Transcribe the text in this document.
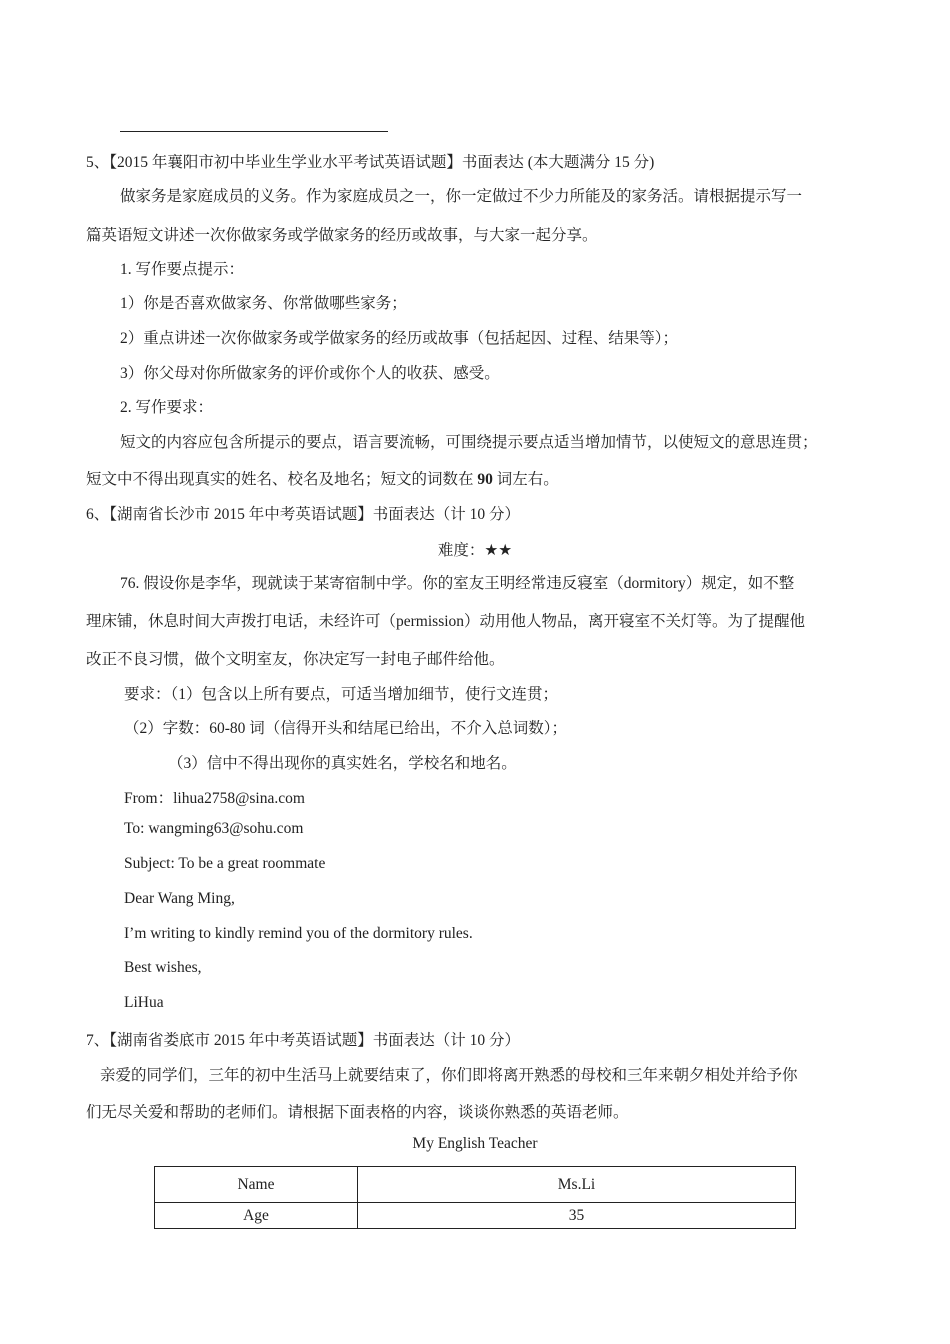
5、【2015 年襄阳市初中毕业生学业水平考试英语试题】书面表达 (本大题满分 15 分)
做家务是家庭成员的义务。作为家庭成员之一，你一定做过不少力所能及的家务活。请根据提示写一
篇英语短文讲述一次你做家务或学做家务的经历或故事，与大家一起分享。
1. 写作要点提示：
1）你是否喜欢做家务、你常做哪些家务；
2）重点讲述一次你做家务或学做家务的经历或故事（包括起因、过程、结果等）；
3）你父母对你所做家务的评价或你个人的收获、感受。
2. 写作要求：
短文的内容应包含所提示的要点，语言要流畅，可围绕提示要点适当增加情节，以使短文的意思连贯；
短文中不得出现真实的姓名、校名及地名；短文的词数在 90 词左右。
6、【湖南省长沙市 2015 年中考英语试题】书面表达（计 10 分）
难度：★★
76. 假设你是李华，现就读于某寄宿制中学。你的室友王明经常违反寝室（dormitory）规定，如不整
理床铺，休息时间大声拨打电话，未经许可（permission）动用他人物品，离开寝室不关灯等。为了提醒他
改正不良习惯，做个文明室友，你决定写一封电子邮件给他。
要求：（1）包含以上所有要点，可适当增加细节，使行文连贯；
（2）字数：60-80 词（信得开头和结尾已给出，不介入总词数）；
（3）信中不得出现你的真实姓名，学校名和地名。
From：lihua2758@sina.com
To: wangming63@sohu.com
Subject: To be a great roommate
Dear Wang Ming,
I’m writing to kindly remind you of the dormitory rules.
Best wishes,
LiHua
7、【湖南省娄底市 2015 年中考英语试题】书面表达（计 10 分）
亲爱的同学们，三年的初中生活马上就要结束了，你们即将离开熟悉的母校和三年来朝夕相处并给予你
们无尽关爱和帮助的老师们。请根据下面表格的内容，谈谈你熟悉的英语老师。
My English Teacher
Name	Ms.Li
Age	35
